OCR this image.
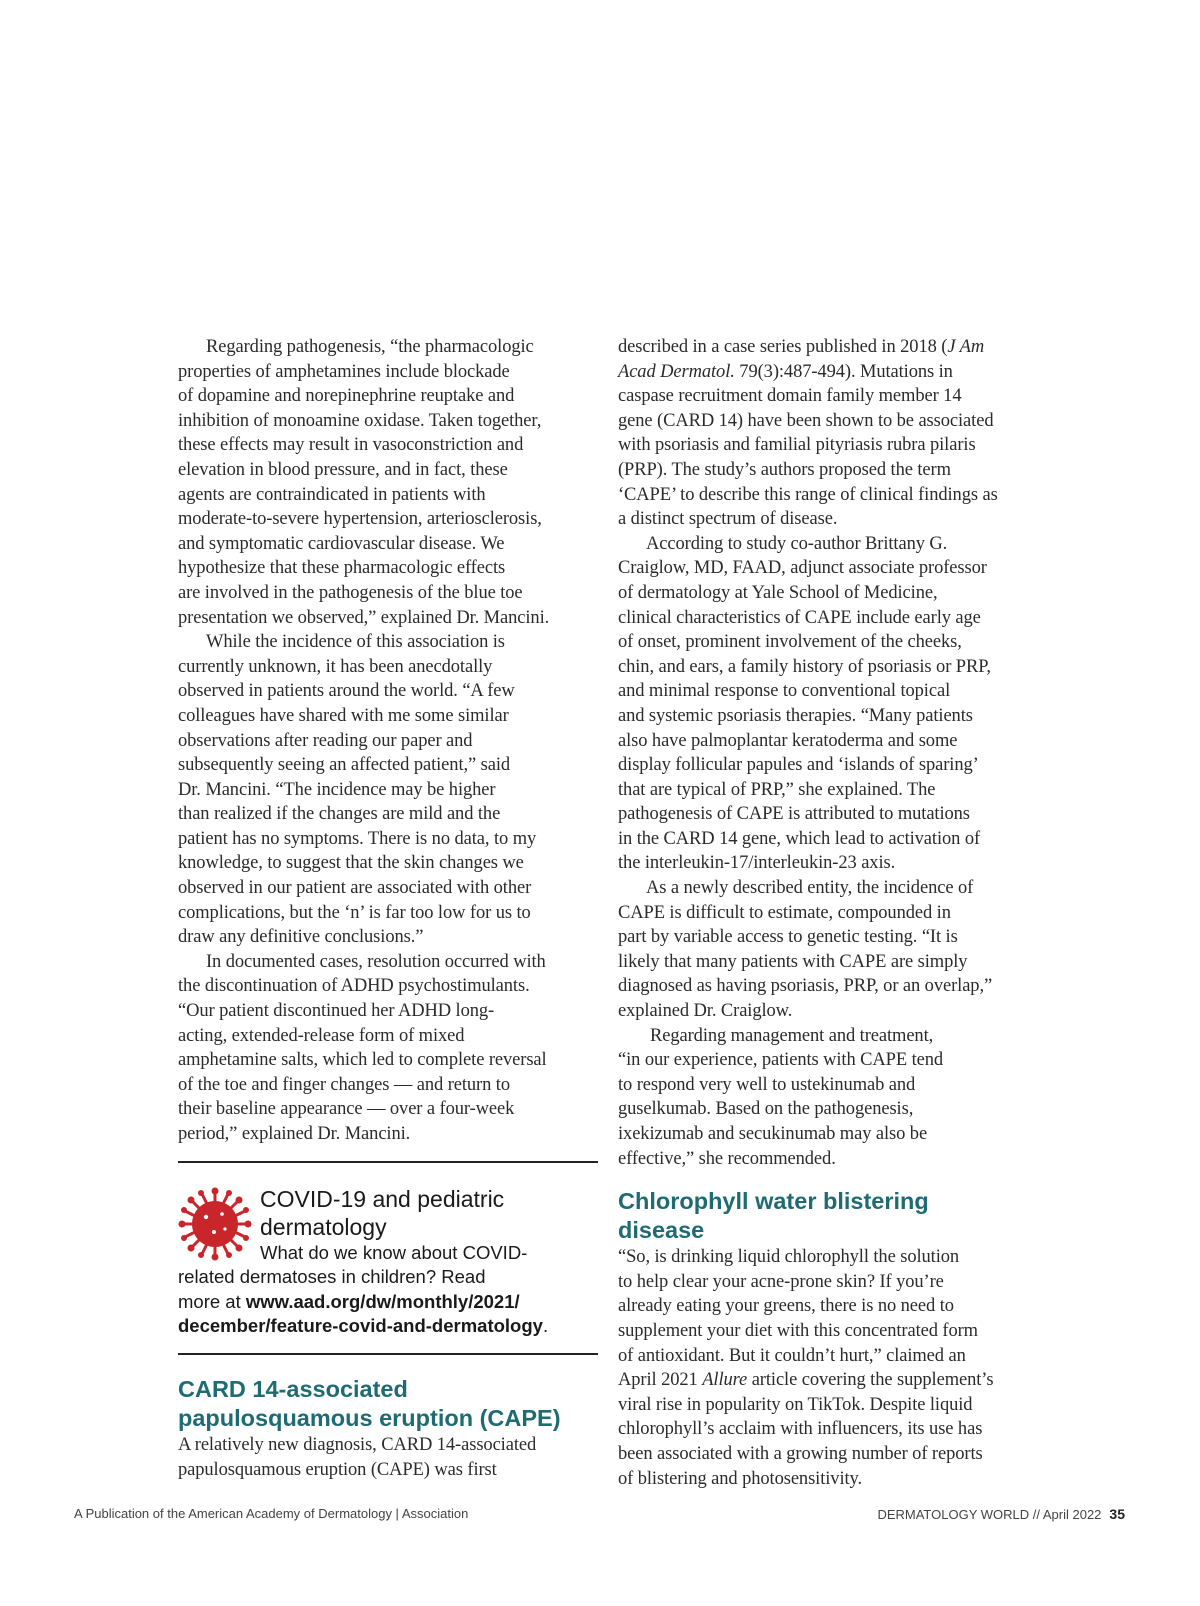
Regarding pathogenesis, “the pharmacologic
properties of amphetamines include blockade
of dopamine and norepinephrine reuptake and
inhibition of monoamine oxidase. Taken together,
these effects may result in vasoconstriction and
elevation in blood pressure, and in fact, these
agents are contraindicated in patients with
moderate-to-severe hypertension, arteriosclerosis,
and symptomatic cardiovascular disease. We
hypothesize that these pharmacologic effects
are involved in the pathogenesis of the blue toe
presentation we observed,” explained Dr. Mancini.

While the incidence of this association is
currently unknown, it has been anecdotally
observed in patients around the world. “A few
colleagues have shared with me some similar
observations after reading our paper and
subsequently seeing an affected patient,” said
Dr. Mancini. “The incidence may be higher
than realized if the changes are mild and the
patient has no symptoms. There is no data, to my
knowledge, to suggest that the skin changes we
observed in our patient are associated with other
complications, but the ‘n’ is far too low for us to
draw any definitive conclusions.”

In documented cases, resolution occurred with
the discontinuation of ADHD psychostimulants.
“Our patient discontinued her ADHD long-
acting, extended-release form of mixed
amphetamine salts, which led to complete reversal
of the toe and finger changes — and return to
their baseline appearance — over a four-week
period,” explained Dr. Mancini.

COVID-19 and pediatric
dermatology

What do we know about COVID-
related dermatoses in children? Read
more at www.aad.org/dw/monthly/2021/
december/feature-covid-and-dermatology.

CARD 14-associated
papulosquamous eruption (CAPE)

A relatively new diagnosis, CARD 14-associated
papulosquamous eruption (CAPE) was first

described in a case series published in 2018 (J Am
Acad Dermatol. 79(3):487-494). Mutations in
caspase recruitment domain family member 14
gene (CARD 14) have been shown to be associated
with psoriasis and familial pityriasis rubra pilaris
(PRP). The study’s authors proposed the term
‘CAPE’ to describe this range of clinical findings as
a distinct spectrum of disease.

According to study co-author Brittany G.
Craiglow, MD, FAAD, adjunct associate professor
of dermatology at Yale School of Medicine,
clinical characteristics of CAPE include early age
of onset, prominent involvement of the cheeks,
chin, and ears, a family history of psoriasis or PRP,
and minimal response to conventional topical
and systemic psoriasis therapies. “Many patients
also have palmoplantar keratoderma and some
display follicular papules and ‘islands of sparing’
that are typical of PRP,” she explained. The
pathogenesis of CAPE is attributed to mutations
in the CARD 14 gene, which lead to activation of
the interleukin-17/interleukin-23 axis.

As a newly described entity, the incidence of
CAPE is difficult to estimate, compounded in
part by variable access to genetic testing. “It is
likely that many patients with CAPE are simply
diagnosed as having psoriasis, PRP, or an overlap,”
explained Dr. Craiglow.

Regarding management and treatment,
“in our experience, patients with CAPE tend
to respond very well to ustekinumab and
guselkumab. Based on the pathogenesis,
ixekizumab and secukinumab may also be
effective,” she recommended.

Chlorophyll water blistering
disease

“So, is drinking liquid chlorophyll the solution
to help clear your acne-prone skin? If you’re
already eating your greens, there is no need to
supplement your diet with this concentrated form
of antioxidant. But it couldn’t hurt,” claimed an
April 2021 Allure article covering the supplement’s
viral rise in popularity on TikTok. Despite liquid
chlorophyll’s acclaim with influencers, its use has
been associated with a growing number of reports
of blistering and photosensitivity.

A Publication of the American Academy of Dermatology | Association	DERMATOLOGY WORLD // April 2022 35
